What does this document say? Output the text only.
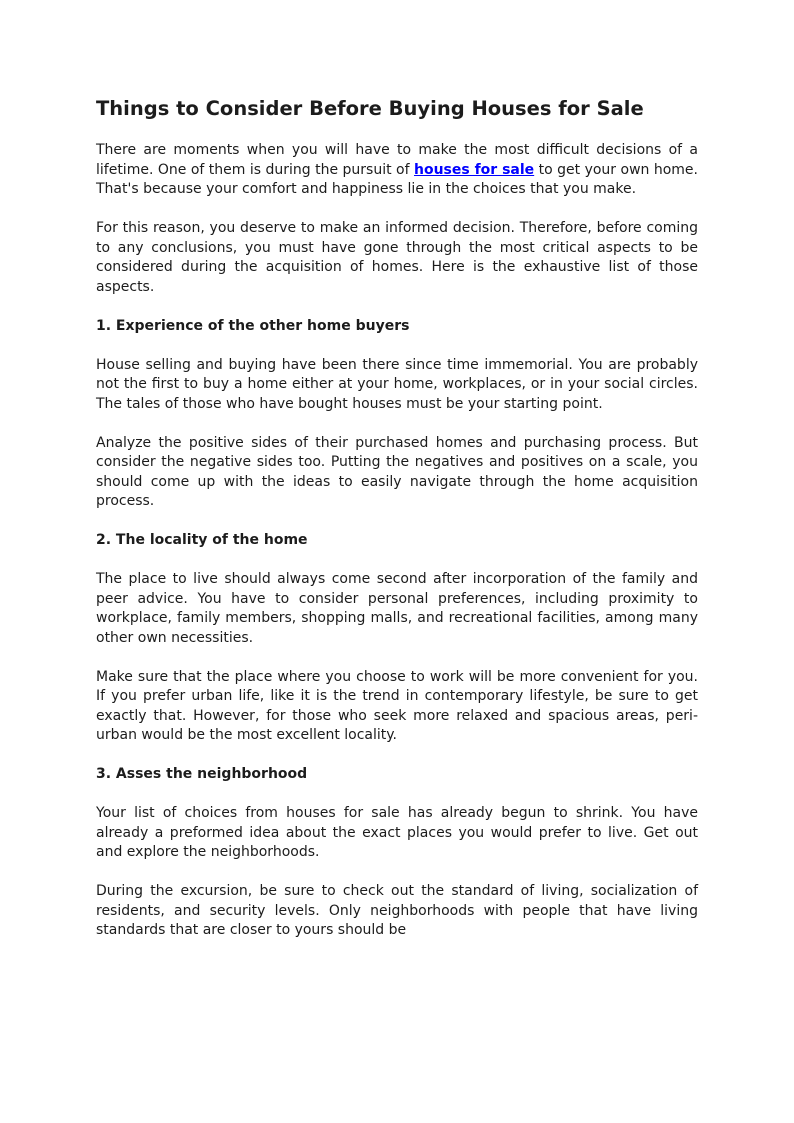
Things to Consider Before Buying Houses for Sale

There are moments when you will have to make the most difficult decisions of a lifetime. One of them is during the pursuit of houses for sale to get your own home. That's because your comfort and happiness lie in the choices that you make.

For this reason, you deserve to make an informed decision. Therefore, before coming to any conclusions, you must have gone through the most critical aspects to be considered during the acquisition of homes. Here is the exhaustive list of those aspects.

1. Experience of the other home buyers

House selling and buying have been there since time immemorial. You are probably not the first to buy a home either at your home, workplaces, or in your social circles. The tales of those who have bought houses must be your starting point.

Analyze the positive sides of their purchased homes and purchasing process. But consider the negative sides too. Putting the negatives and positives on a scale, you should come up with the ideas to easily navigate through the home acquisition process.

2. The locality of the home

The place to live should always come second after incorporation of the family and peer advice. You have to consider personal preferences, including proximity to workplace, family members, shopping malls, and recreational facilities, among many other own necessities.

Make sure that the place where you choose to work will be more convenient for you. If you prefer urban life, like it is the trend in contemporary lifestyle, be sure to get exactly that. However, for those who seek more relaxed and spacious areas, peri-urban would be the most excellent locality.

3. Asses the neighborhood

Your list of choices from houses for sale has already begun to shrink. You have already a preformed idea about the exact places you would prefer to live. Get out and explore the neighborhoods.

During the excursion, be sure to check out the standard of living, socialization of residents, and security levels. Only neighborhoods with people that have living standards that are closer to yours should be
